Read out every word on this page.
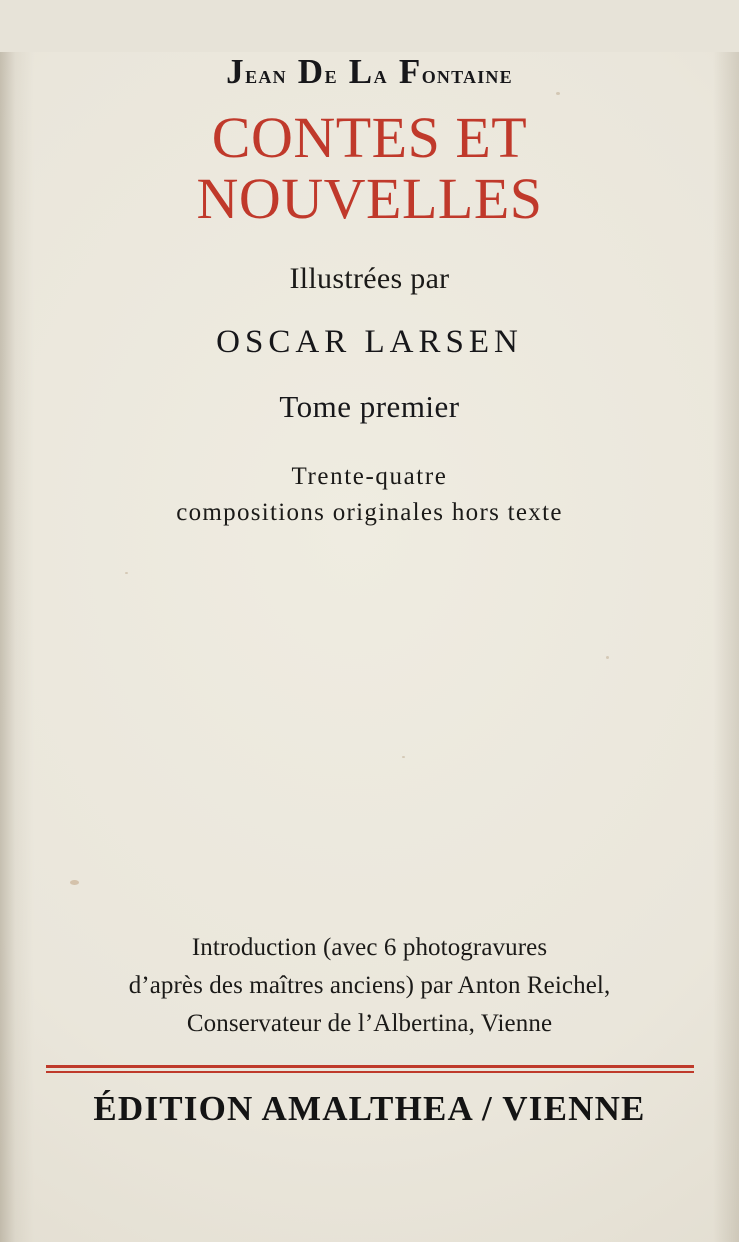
Jean De La Fontaine
CONTES ET NOUVELLES
Illustrées par
OSCAR LARSEN
Tome premier
Trente-quatre
compositions originales hors texte
Introduction (avec 6 photogravures
d’après des maîtres anciens) par Anton Reichel,
Conservateur de l’Albertina, Vienne
ÉDITION AMALTHEA / VIENNE
